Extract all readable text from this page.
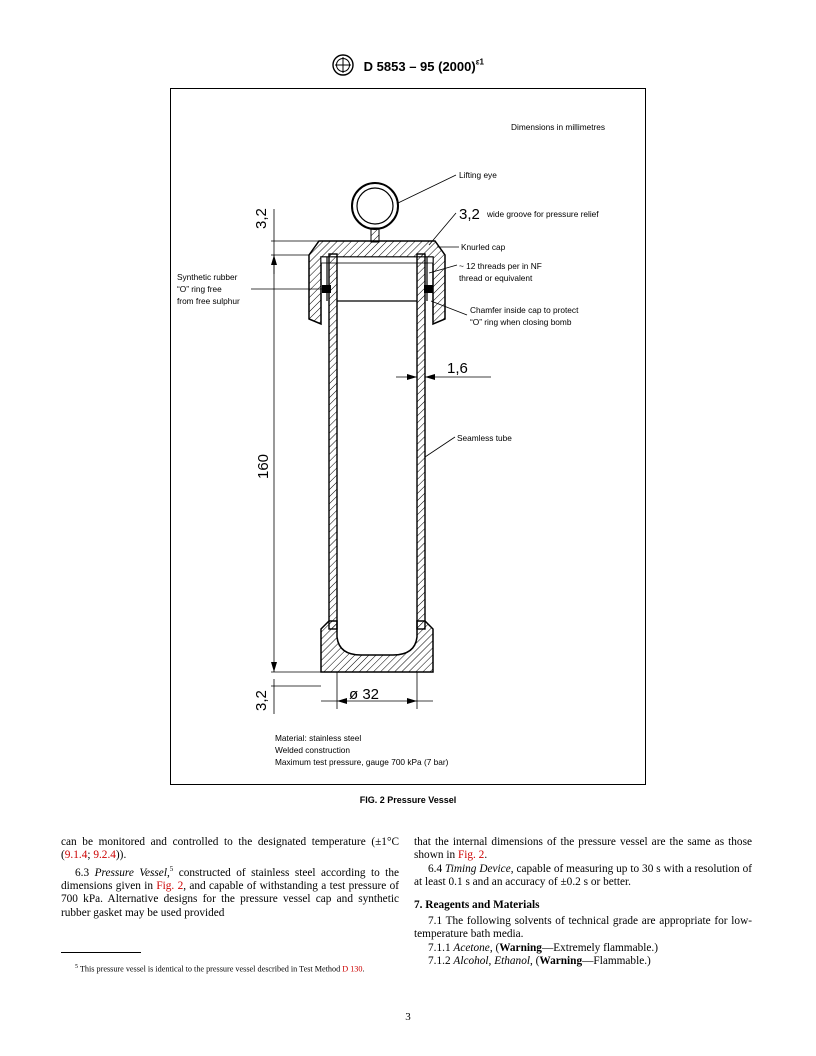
D 5853 – 95 $(2000)^{\varepsilon 1}$
Dimensions in millimetres
3,2
160
3,2	ø 32
1,6
Lifting eye
3,2 wide groove for pressure relief
Knurled cap
~ 12 threads per in NF
thread or equivalent
Chamfer inside cap to protect
“O” ring when closing bomb
Synthetic rubber
“O” ring free
from free sulphur
Seamless tube
Material: stainless steel
Welded construction
Maximum test pressure, gauge 700 kPa (7 bar)
FIG. 2 Pressure Vessel

can be monitored and controlled to the designated temperature (±1°C (9.1.4; 9.2.4)).

6.3 Pressure Vessel,$^5$ constructed of stainless steel according to the dimensions given in Fig. 2, and capable of withstanding a test pressure of 700 kPa. Alternative designs for the pressure vessel cap and synthetic rubber gasket may be used provided

that the internal dimensions of the pressure vessel are the same as those shown in Fig. 2.

6.4 Timing Device, capable of measuring up to 30 s with a resolution of at least 0.1 s and an accuracy of ±0.2 s or better.

7. Reagents and Materials

7.1 The following solvents of technical grade are appropriate for low-temperature bath media.

7.1.1 Acetone, (Warning—Extremely flammable.)

7.1.2 Alcohol, Ethanol, (Warning—Flammable.)

$^5$ This pressure vessel is identical to the pressure vessel described in Test Method D 130.
3
